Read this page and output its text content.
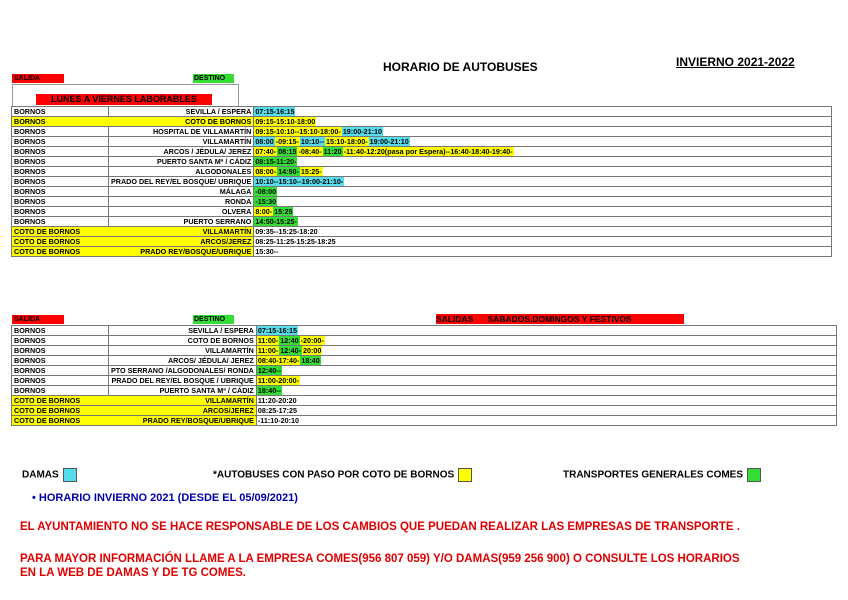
HORARIO DE AUTOBUSES	INVIERNO 2021-2022
SALIDA	DESTINO
LUNES A VIERNES LABORABLES
BORNOS	SEVILLA / ESPERA	07:15-16:15
BORNOS	COTO DE BORNOS	09:15-15:10-18:00
BORNOS	HOSPITAL DE VILLAMARTÍN	09:15-10:10--15:10-18:00- 19:00-21:10
BORNOS	VILLAMARTÍN	08:00 -09:15- 10:10-- 15:10-18:00- 19:00-21:10
BORNOS	ARCOS / JÉDULA/ JEREZ	07:40- 08:15 -08:40- 11:20 -11:40-12:20(pasa por Espera)--16:40-18:40-19:40-
BORNOS	PUERTO SANTA Mª / CÁDIZ	08:15-11:20-
BORNOS	ALGODONALES	08:00- 14:50-15:25-
BORNOS	PRADO DEL REY/EL BOSQUE/ UBRIQUE	10:10--15:10--19:00-21:10-
BORNOS	MÁLAGA	-08:00
BORNOS	RONDA	-15:30
BORNOS	OLVERA	8:00- 15:25
BORNOS	PUERTO SERRANO	14:50-15:25-
COTO DE BORNOS	VILLAMARTÍN	09:35--15:25-18:20
COTO DE BORNOS	ARCOS/JEREZ	08:25-11:25-15:25-18:25
COTO DE BORNOS	PRADO REY/BOSQUE/UBRIQUE	15:30--
SALIDA	DESTINO	SALIDAS      SÁBADOS,DOMINGOS Y FESTIVOS
BORNOS	SEVILLA / ESPERA	07:15-16:15
BORNOS	COTO DE BORNOS	11:00- 12:40 -20:00-
BORNOS	VILLAMARTÍN	11:00- 12:40-20:00
BORNOS	ARCOS/ JÉDULA/ JEREZ	08:40-17:40- 18:40
BORNOS	PTO SERRANO /ALGODONALES/ RONDA	12:40--
BORNOS	PRADO DEL REY/EL BOSQUE / UBRIQUE	11:00-20:00-
BORNOS	PUERTO SANTA Mª / CÁDIZ	18:40--
COTO DE BORNOS	VILLAMARTÍN	11:20-20:20
COTO DE BORNOS	ARCOS/JEREZ	08:25-17:25
COTO DE BORNOS	PRADO REY/BOSQUE/UBRIQUE	-11:10-20:10
DAMAS	*AUTOBUSES CON PASO POR COTO DE BORNOS	TRANSPORTES GENERALES COMES
• HORARIO INVIERNO 2021 (DESDE EL 05/09/2021)
EL AYUNTAMIENTO NO SE HACE RESPONSABLE DE LOS CAMBIOS QUE PUEDAN REALIZAR LAS EMPRESAS DE TRANSPORTE .
PARA MAYOR INFORMACIÓN LLAME A LA EMPRESA COMES(956 807 059) Y/O DAMAS(959 256 900) O CONSULTE LOS HORARIOS
EN LA WEB DE DAMAS Y DE TG COMES.
